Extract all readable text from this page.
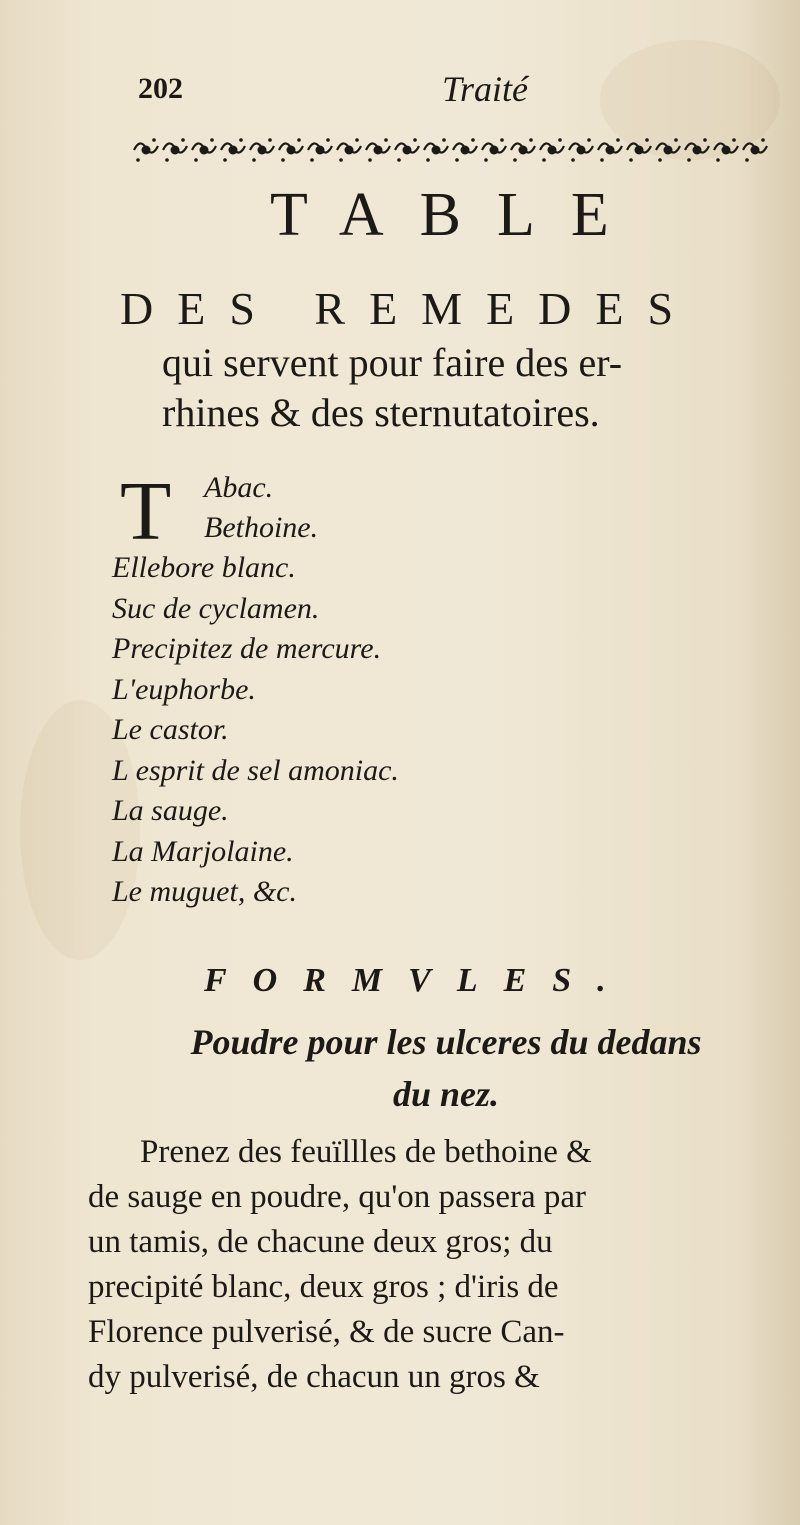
202	Traité
TABLE
DES REMEDES
qui servent pour faire des er-
rhines & des sternutatoires.
T Abac.
Bethoine.
Ellebore blanc.
Suc de cyclamen.
Precipitez de mercure.
L'euphorbe.
Le castor.
L esprit de sel amoniac.
La sauge.
La Marjolaine.
Le muguet, &c.
FORMVLES.
Poudre pour les ulceres du dedans
du nez.
Prenez des feuïllles de bethoine &
de sauge en poudre, qu'on passera par
un tamis, de chacune deux gros; du
precipité blanc, deux gros ; d'iris de
Florence pulverisé, & de sucre Can-
dy pulverisé, de chacun un gros &
